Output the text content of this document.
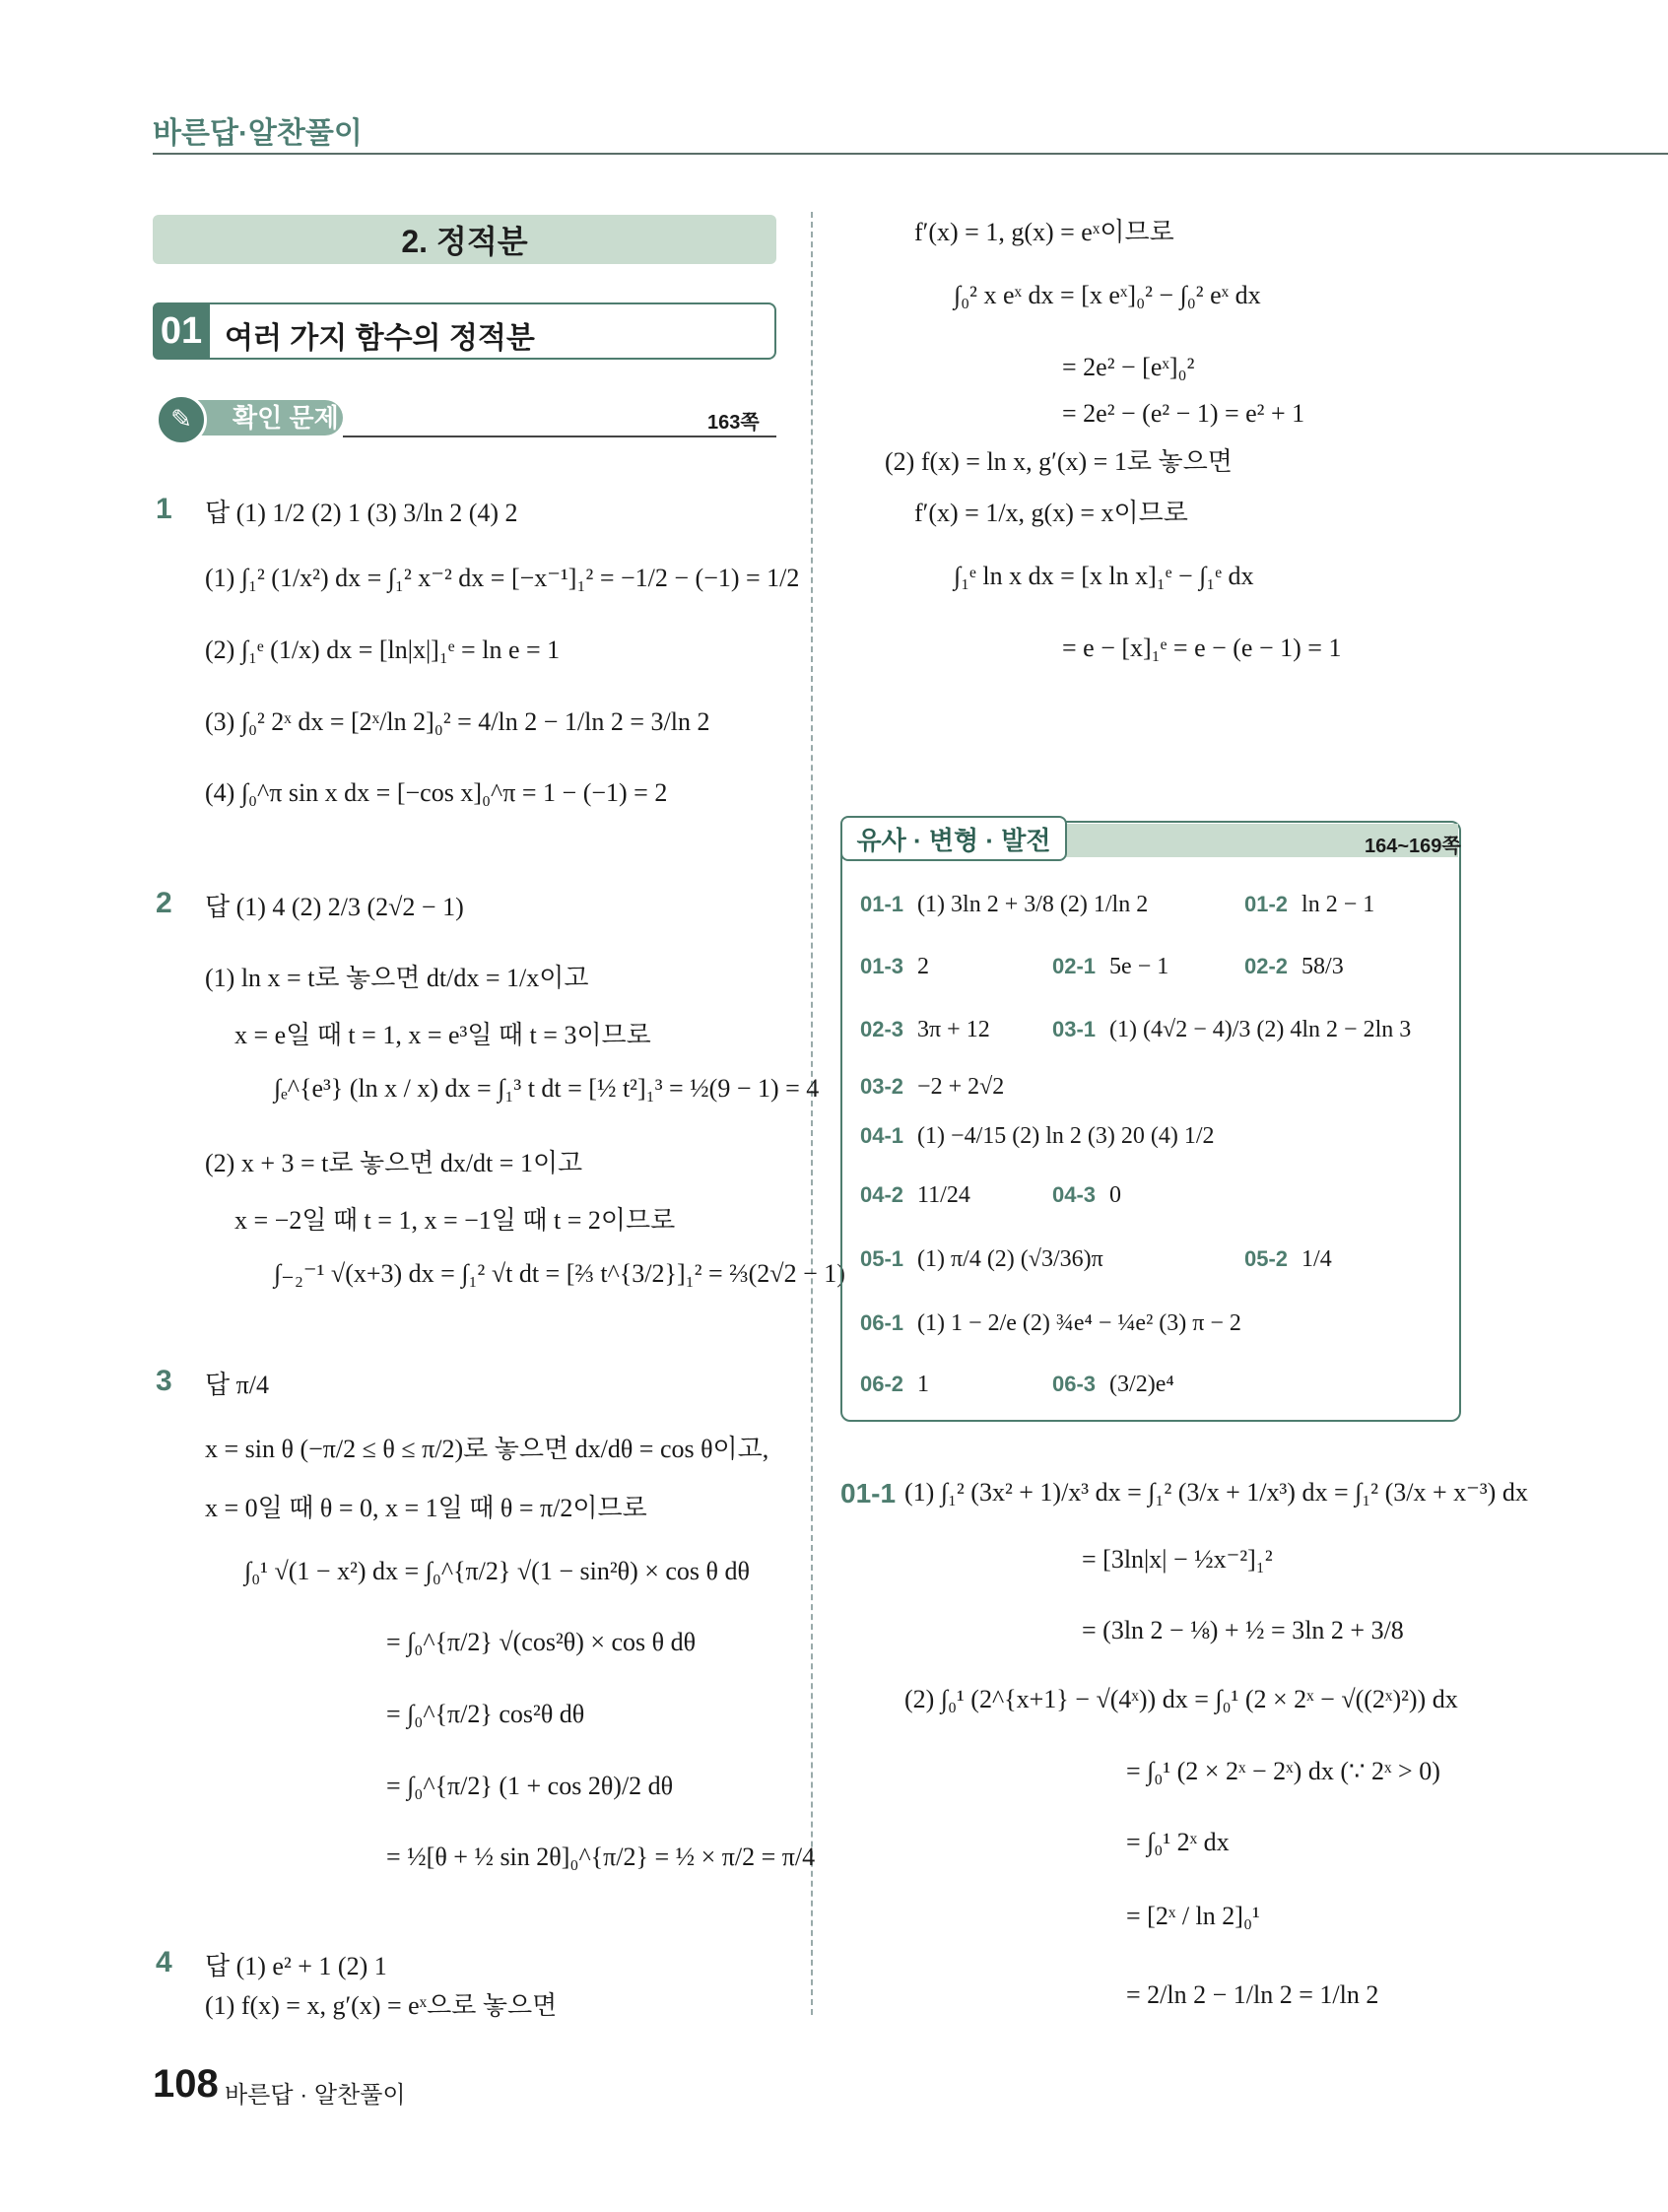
바른답·알찬풀이
2. 정적분
01 여러 가지 함수의 정적분
✎	확인 문제	163쪽
1 답 (1) 1/2 (2) 1 (3) 3/ln 2 (4) 2
(1) ∫₁² (1/x²) dx = ∫₁² x⁻² dx = [−x⁻¹]₁² = −1/2 − (−1) = 1/2
(2) ∫₁ᵉ (1/x) dx = [ln|x|]₁ᵉ = ln e = 1
(3) ∫₀² 2ˣ dx = [2ˣ/ln 2]₀² = 4/ln 2 − 1/ln 2 = 3/ln 2
(4) ∫₀^π sin x dx = [−cos x]₀^π = 1 − (−1) = 2
2 답 (1) 4 (2) 2/3 (2√2 − 1)
(1) ln x = t로 놓으면 dt/dx = 1/x이고
x = e일 때 t = 1, x = e³일 때 t = 3이므로
∫ₑ^{e³} (ln x / x) dx = ∫₁³ t dt = [½ t²]₁³ = ½(9 − 1) = 4
(2) x + 3 = t로 놓으면 dx/dt = 1이고
x = −2일 때 t = 1, x = −1일 때 t = 2이므로
∫₋₂⁻¹ √(x+3) dx = ∫₁² √t dt = [⅔ t^{3/2}]₁² = ⅔(2√2 − 1)
3 답 π/4
x = sin θ (−π/2 ≤ θ ≤ π/2)로 놓으면 dx/dθ = cos θ이고,
x = 0일 때 θ = 0, x = 1일 때 θ = π/2이므로
∫₀¹ √(1 − x²) dx = ∫₀^{π/2} √(1 − sin²θ) × cos θ dθ
= ∫₀^{π/2} √(cos²θ) × cos θ dθ
= ∫₀^{π/2} cos²θ dθ
= ∫₀^{π/2} (1 + cos 2θ)/2 dθ
= ½[θ + ½ sin 2θ]₀^{π/2} = ½ × π/2 = π/4
4 답 (1) e² + 1 (2) 1
(1) f(x) = x, g′(x) = eˣ으로 놓으면
f′(x) = 1, g(x) = eˣ이므로
∫₀² x eˣ dx = [x eˣ]₀² − ∫₀² eˣ dx
= 2e² − [eˣ]₀²
= 2e² − (e² − 1) = e² + 1
(2) f(x) = ln x, g′(x) = 1로 놓으면
f′(x) = 1/x, g(x) = x이므로
∫₁ᵉ ln x dx = [x ln x]₁ᵉ − ∫₁ᵉ dx
= e − [x]₁ᵉ = e − (e − 1) = 1
유사 · 변형 · 발전	164~169쪽
01-1 (1) 3ln 2 + 3/8 (2) 1/ln 2	01-2 ln 2 − 1
01-3 2	02-1 5e − 1	02-2 58/3
02-3 3π + 12	03-1 (1) (4√2 − 4)/3 (2) 4ln 2 − 2ln 3
03-2 −2 + 2√2
04-1 (1) −4/15 (2) ln 2 (3) 20 (4) 1/2
04-2 11/24	04-3 0
05-1 (1) π/4 (2) (√3/36)π	05-2 1/4
06-1 (1) 1 − 2/e (2) ¾e⁴ − ¼e² (3) π − 2
06-2 1	06-3 (3/2)e⁴
01-1 (1) ∫₁² (3x² + 1)/x³ dx = ∫₁² (3/x + 1/x³) dx = ∫₁² (3/x + x⁻³) dx
= [3ln|x| − ½x⁻²]₁²
= (3ln 2 − ⅛) + ½ = 3ln 2 + 3/8
(2) ∫₀¹ (2^{x+1} − √(4ˣ)) dx = ∫₀¹ (2 × 2ˣ − √((2ˣ)²)) dx
= ∫₀¹ (2 × 2ˣ − 2ˣ) dx (∵ 2ˣ > 0)
= ∫₀¹ 2ˣ dx
= [2ˣ / ln 2]₀¹
= 2/ln 2 − 1/ln 2 = 1/ln 2
108 바른답 · 알찬풀이
